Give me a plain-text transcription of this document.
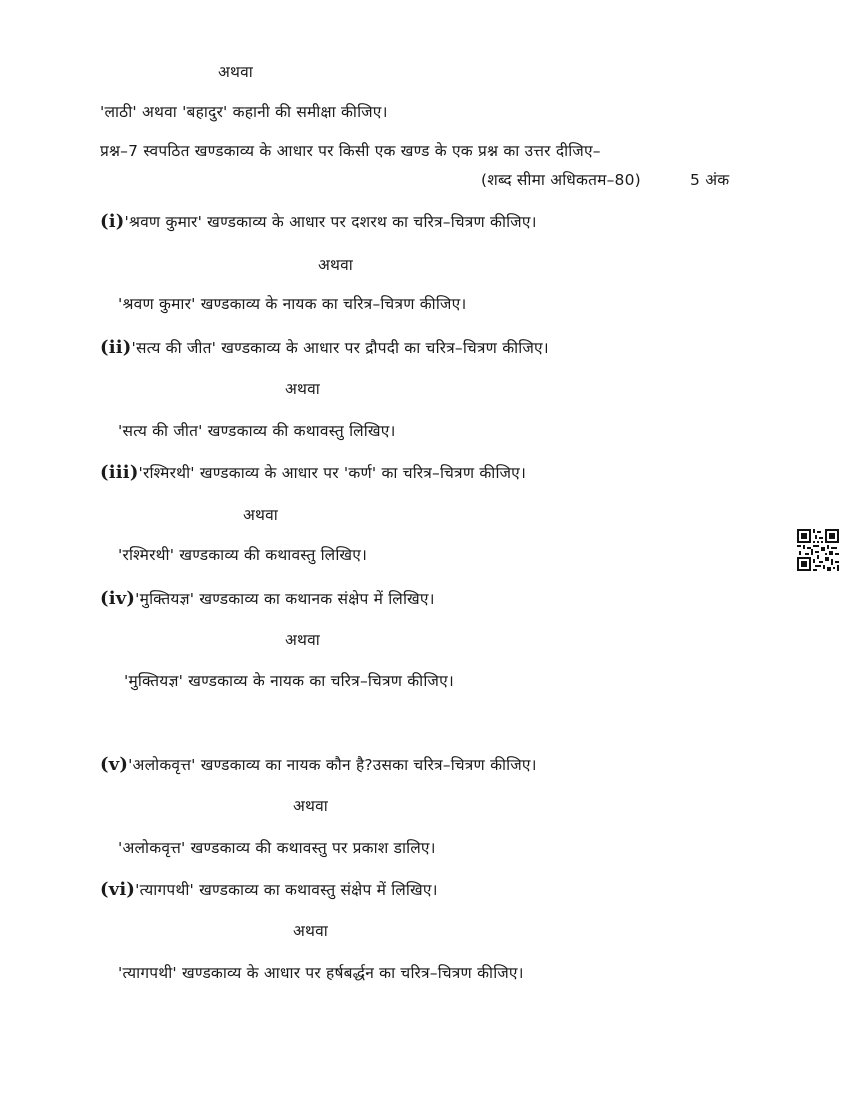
अथवा
'लाठी' अथवा 'बहादुर' कहानी की समीक्षा कीजिए।
प्रश्न–7 स्वपठित खण्डकाव्य के आधार पर किसी एक खण्ड के एक प्रश्न का उत्तर दीजिए–
(शब्द सीमा अधिकतम–80)	5 अंक
(i)'श्रवण कुमार' खण्डकाव्य के आधार पर दशरथ का चरित्र–चित्रण कीजिए।
अथवा
'श्रवण कुमार' खण्डकाव्य के नायक का चरित्र–चित्रण कीजिए।
(ii)'सत्य की जीत' खण्डकाव्य के आधार पर द्रौपदी का चरित्र–चित्रण कीजिए।
अथवा
'सत्य की जीत' खण्डकाव्य की कथावस्तु लिखिए।
(iii)'रश्मिरथी' खण्डकाव्य के आधार पर 'कर्ण' का चरित्र–चित्रण कीजिए।
अथवा
'रश्मिरथी' खण्डकाव्य की कथावस्तु लिखिए।
(iv)'मुक्तियज्ञ' खण्डकाव्य का कथानक संक्षेप में लिखिए।
अथवा
'मुक्तियज्ञ' खण्डकाव्य के नायक का चरित्र–चित्रण कीजिए।
(v)'अलोकवृत्त' खण्डकाव्य का नायक कौन है?उसका चरित्र–चित्रण कीजिए।
अथवा
'अलोकवृत्त' खण्डकाव्य की कथावस्तु पर प्रकाश डालिए।
(vi)'त्यागपथी' खण्डकाव्य का कथावस्तु संक्षेप में लिखिए।
अथवा
'त्यागपथी' खण्डकाव्य के आधार पर हर्षबर्द्धन का चरित्र–चित्रण कीजिए।
